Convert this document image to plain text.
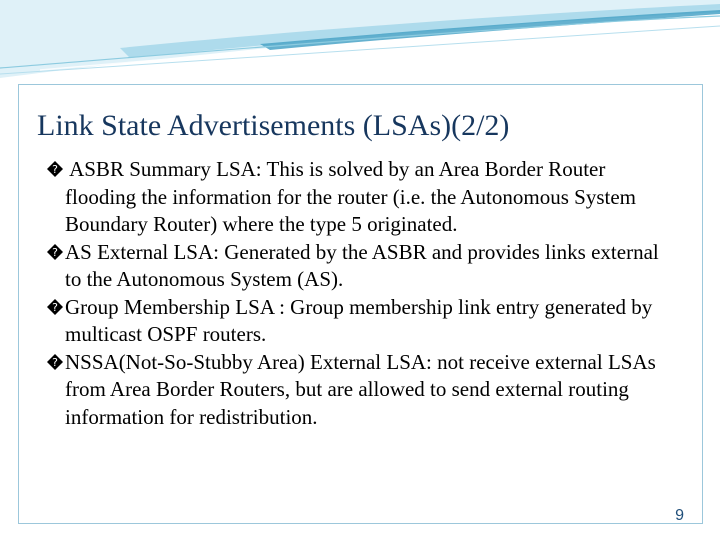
Link State Advertisements (LSAs)(2/2)
? ASBR Summary LSA: This is solved by an Area Border Router flooding the information for the router (i.e. the Autonomous System Boundary Router) where the type 5 originated.
? AS External LSA: Generated by the ASBR and provides links external to the Autonomous System (AS).
? Group Membership LSA : Group membership link entry generated by multicast OSPF routers.
? NSSA(Not-So-Stubby Area) External LSA: not receive external LSAs from Area Border Routers, but are allowed to send external routing information for redistribution.
9
